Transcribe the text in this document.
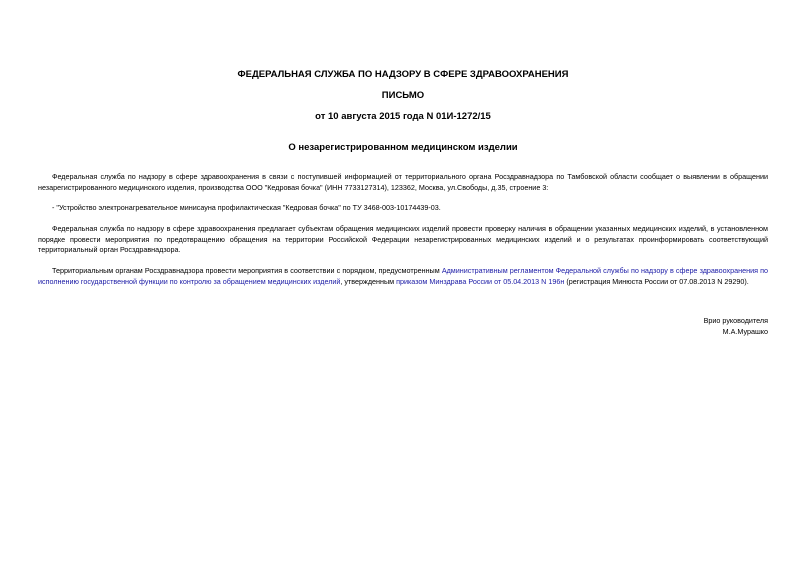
ФЕДЕРАЛЬНАЯ СЛУЖБА ПО НАДЗОРУ В СФЕРЕ ЗДРАВООХРАНЕНИЯ
ПИСЬМО
от 10 августа 2015 года N 01И-1272/15
О незарегистрированном медицинском изделии

Федеральная служба по надзору в сфере здравоохранения в связи с поступившей информацией от территориального органа Росздравнадзора по Тамбовской области сообщает о выявлении в обращении незарегистрированного медицинского изделия, производства ООО "Кедровая бочка" (ИНН 7733127314), 123362, Москва, ул.Свободы, д.35, строение 3:

- "Устройство электронагревательное минисауна профилактическая "Кедровая бочка" по ТУ 3468-003-10174439-03.

Федеральная служба по надзору в сфере здравоохранения предлагает субъектам обращения медицинских изделий провести проверку наличия в обращении указанных медицинских изделий, в установленном порядке провести мероприятия по предотвращению обращения на территории Российской Федерации незарегистрированных медицинских изделий и о результатах проинформировать соответствующий территориальный орган Росздравнадзора.

Территориальным органам Росздравнадзора провести мероприятия в соответствии с порядком, предусмотренным Административным регламентом Федеральной службы по надзору в сфере здравоохранения по исполнению государственной функции по контролю за обращением медицинских изделий, утвержденным приказом Минздрава России от 05.04.2013 N 196н (регистрация Минюста России от 07.08.2013 N 29290).

Врио руководителя
М.А.Мурашко
